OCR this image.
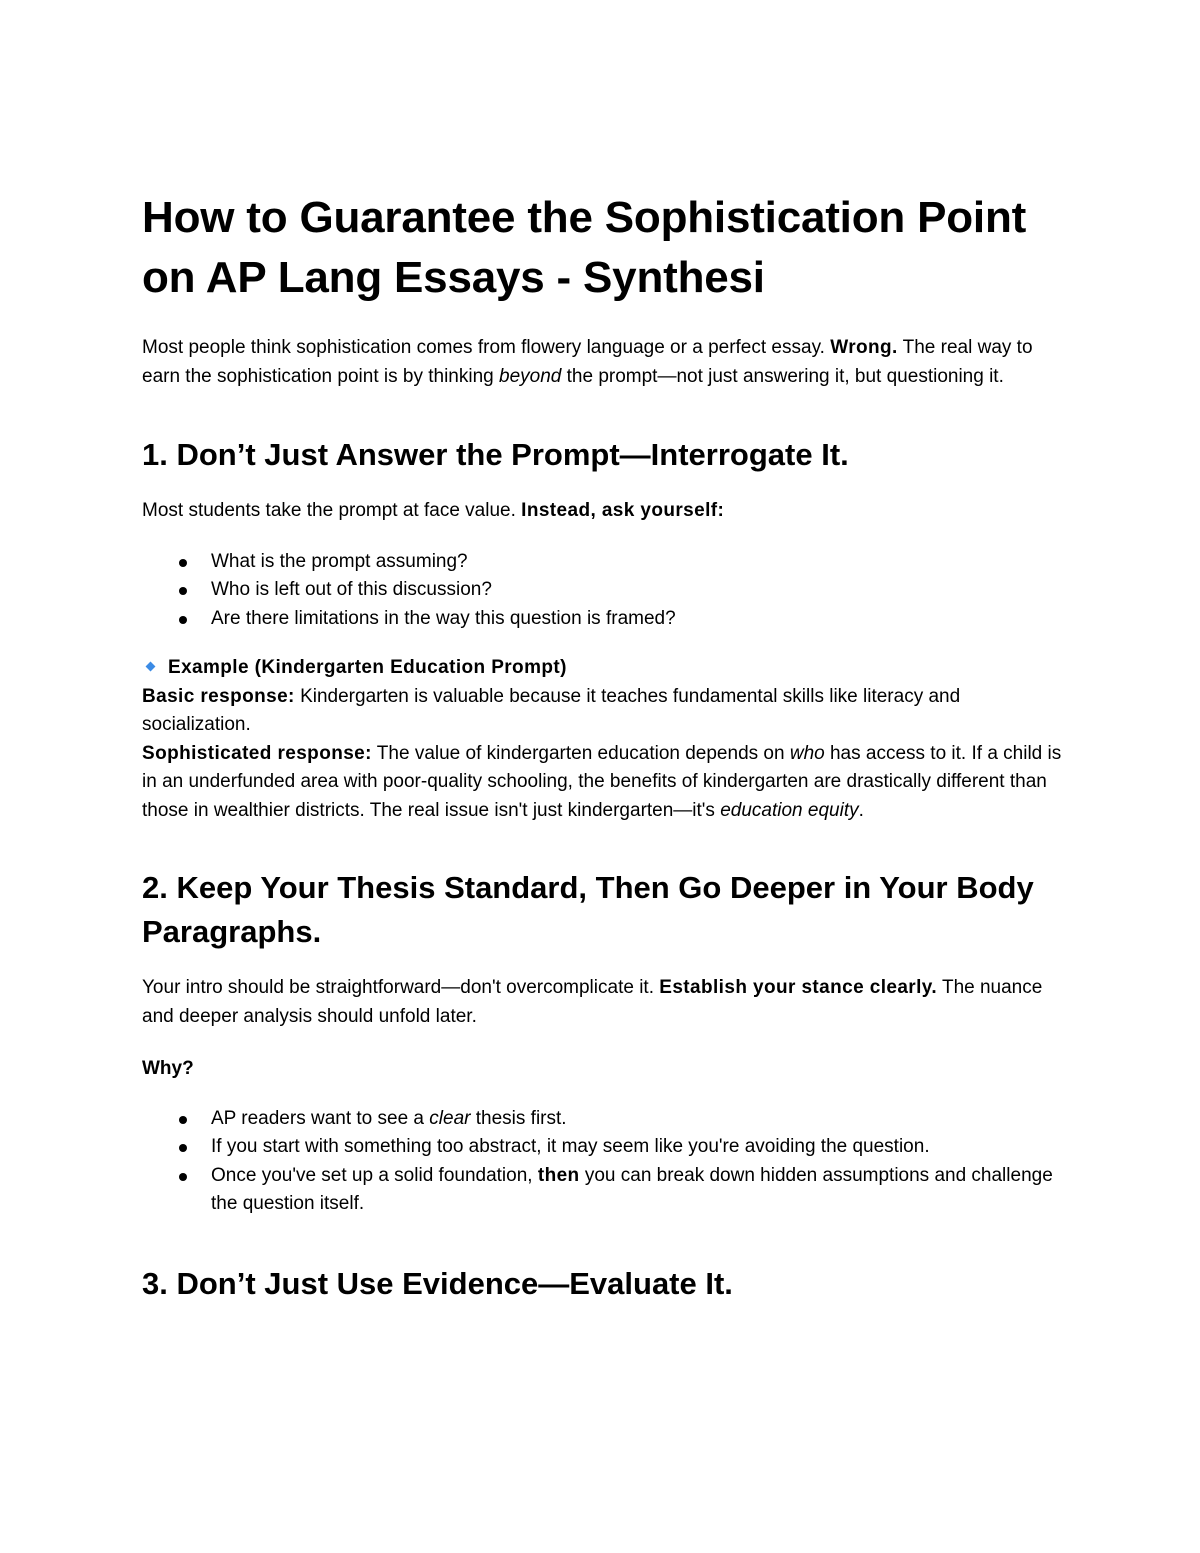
How to Guarantee the Sophistication Point on AP Lang Essays - Synthesi

Most people think sophistication comes from flowery language or a perfect essay. Wrong. The real way to earn the sophistication point is by thinking beyond the prompt—not just answering it, but questioning it.

1. Don’t Just Answer the Prompt—Interrogate It.

Most students take the prompt at face value. Instead, ask yourself:

What is the prompt assuming?
Who is left out of this discussion?
Are there limitations in the way this question is framed?

Example (Kindergarten Education Prompt)
Basic response: Kindergarten is valuable because it teaches fundamental skills like literacy and socialization.
Sophisticated response: The value of kindergarten education depends on who has access to it. If a child is in an underfunded area with poor-quality schooling, the benefits of kindergarten are drastically different than those in wealthier districts. The real issue isn't just kindergarten—it's education equity.

2. Keep Your Thesis Standard, Then Go Deeper in Your Body Paragraphs.

Your intro should be straightforward—don't overcomplicate it. Establish your stance clearly. The nuance and deeper analysis should unfold later.

Why?

AP readers want to see a clear thesis first.
If you start with something too abstract, it may seem like you're avoiding the question.
Once you've set up a solid foundation, then you can break down hidden assumptions and challenge the question itself.
3. Don’t Just Use Evidence—Evaluate It.
